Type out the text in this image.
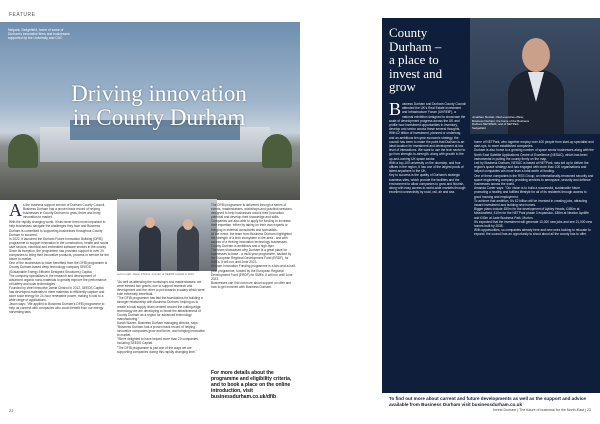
FEATURE
Netpark, Sedgefield, home of some of Durham's innovative firms and businesses supported by the University and CDC
Driving innovation
in County Durham
A s the business support service of Durham County Council, Business Durham has a proven track record of helping businesses in County Durham to grow, thrive and bring innovation to market.
With the rapidly changing world, it has never been more important to help businesses navigate the challenges they face and Business Durham is committed to supporting businesses throughout County Durham to succeed.
In 2022, it launched the Durham Future Innovation Building (DFIB) programme to support innovation in the construction, health and social care sectors, electrical and embedded software sectors in the county.
Since its inception, the programme has provided support to over 20 companies to bring their innovative products, process or service for the future to market.
One of the businesses to have benefited from the DFIB programme is County Durham-based deep technology company SEEDS (Sustainable Energy Efficient Designed Structures) Capital.
The company specialises in the research and development of advanced organic nano-materials to greatly improve the performance of battery and solar technologies.
Founded by chief executive Jamie Chishol in 2012, SEEDS Capital has developed materials to meet materials to efficiently capture and store solar energy for 24-hour renewable power, making it cost to a wide range of applications.
Jason says: "We applied to Business Durham's DFIB programme to help us connect with companies who could benefit from our energy harvesting tabs.
Left to right: Jason Chishol, founder of SEEDS Capital in 2012
"As well as attending the workshops and masterclasses, we were elected two grants, one to support research and development and the other to put towards a salary which were both extremely beneficial.
"The DFIB programme has laid the foundations for building a stronger relationship with Business Durham, helping us to create a local supply chain centred around the cutting-edge technology we are developing to boost the attractiveness of County Durham as a region for advanced technology manufacturing."
Sarah Slaven, Business Durham managing director, says: "Business Durham has a proven track record of helping innovative companies grow and thrive, and bringing innovation to market.
"We're delighted to have helped more than 20 companies, including SEEDS Capital.
"The DFIB programme is just one of the ways we are supporting companies during this rapidly changing time."
The DFIB programme is delivered through a series of events, masterclasses, workshops and practical sessions, designed to help businesses unlock their innovation potential and develop their knowledge and skills.
Companies are also able to apply for funding to increase their expertise, either by taking on their own experts or bringing in external consultants and specialists.
At the event, the team from Business Durham highlighted the strength of a tech ecosystem in the area - and with access of a thriving innovation technology businesses, County Durham is ambitious and a high-flyer.
The team showcased why Durham is a great place for businesses to base - a multi-year programme, backed by the European Regional Development Fund (ERDF), for SMEs. It will run until June 2023.
Durham Innovation Funding programme is a two-and-a-half-year programme, funded by the European Regional Development Fund (ERDF) for SMEs. It will run until June 2023.
Businesses can find out more about support on offer and how to get involved with Business Durham.
For more details about the programme and eligibility criteria, and to book a place on the online introduction, visit businessdurham.co.uk/dfib
22
County
Durham –
a place to
invest and
grow
Jonathan Sinclair, chief executive officer, Business Durham: the home of the Business Durham NETPARK, and of NETPark Sedgefield
B usiness Durham and Durham County Council attended the UK's Real Estate Investment and Infrastructure Forum (UKREiiF), a national exhibition designed to showcase the scale of development progress across the UK and profile how investment opportunities in inventory, develop and sector across these several thoughts.
With £2 billion of investment, planned or underway, and an ambitious ten-year economic strategy, the council has been to make the point that Durham is an ideal location for investment and development at low level of interactions. We want to use the tech sector to go from strength-to-strength, along with growth in the up-and-coming UK space sector.
With a top-100 university on the doorstep, and four offices in the region, it has one of the largest pools of talent anywhere in the UK.
Key to success is the quality of Durham's strategic business sites, which provide the facilities and the environment to allow companies to grow and flourish, along with easy access to world-wide markets through excellent connectivity by road, rail, air and sea.
home of NETPark, who together employ over 400 people from start-up specialist and start-ups, to more established companies.
Durham is also home to a growing number of space sector businesses along with the North East Satellite Applications Centre of Excellence (NESAC), which has been instrumental in putting the county firmly on the map.
Led by Business Durham, NESAC is based at NETPark, was set up to deliver the region's space strategy and has engaged with more than 100 organisations and helped companies win more than a total worth of funding.
One of these companies is the RSS Group, an internationally-renowned security and space engineering company providing services to aerospace, security and defence businesses across the world.
Amanda Carter says: "Our vision is to build a successful, sustainable future promoting a healthy and fulfilled lifestyle for all of its residents through access to good housing and employment.
To achieve that ambition, it's £2 billion will be invested in creating jobs, attracting inward investment and building new homes.
Bigger plans include £50m for the development of Aykley Heads, £450m at Meadowfield, £10m for the NETPark phase 3 expansion, £80m at Newton Aycliffe and £40m at Jade Business Park, Murton.
It's expected that the investment will generate 10,000 new jobs and see 21,000 new homes built by 2035.
With opportunities, so companies already here and new ones looking to relocate to expand, the council has an opportunity to shout about all the county has to offer.
To find out more about current and future developments as well as the support and advice available from Business Durham visit businessdurham.co.uk
Invest Durham | The future of business for the North-East | 23
